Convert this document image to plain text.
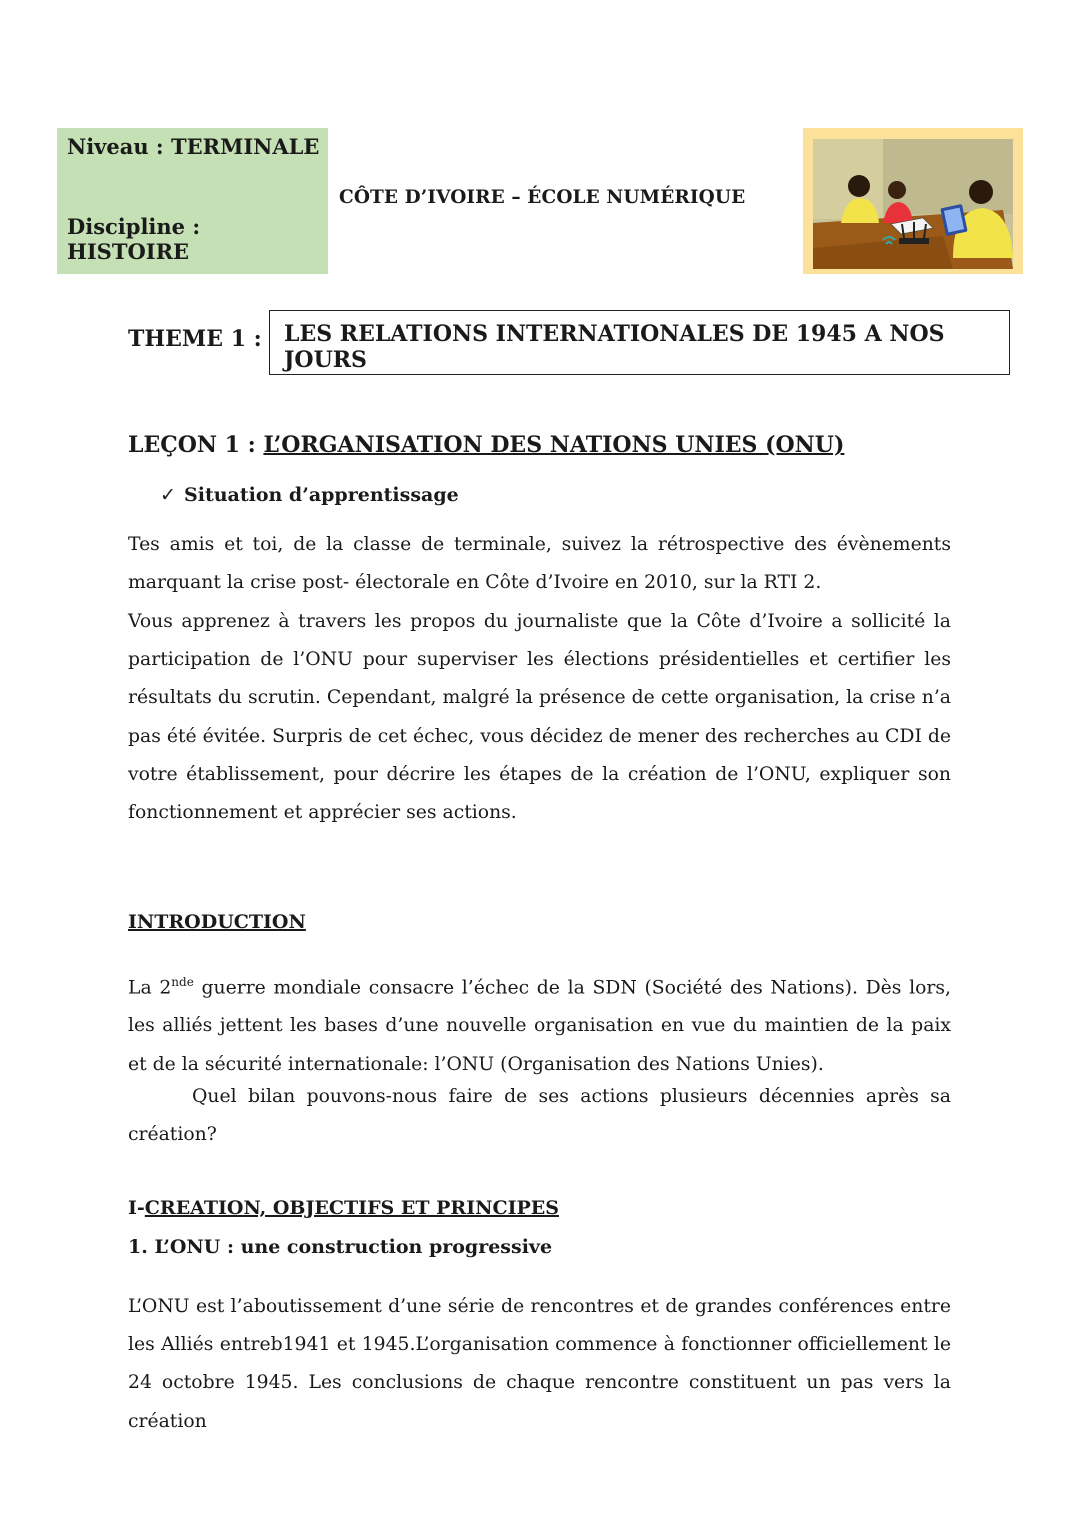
Niveau : TERMINALE
Discipline : HISTOIRE
CÔTE D’IVOIRE – ÉCOLE NUMÉRIQUE
THEME 1 :	LES RELATIONS INTERNATIONALES DE 1945 A NOS JOURS
LEÇON 1 : L’ORGANISATION DES NATIONS UNIES (ONU)
✓ Situation d’apprentissage
Tes amis et toi, de la classe de terminale, suivez la rétrospective des évènements marquant la crise post- électorale en Côte d’Ivoire en 2010, sur la RTI 2.
Vous apprenez à travers les propos du journaliste que la Côte d’Ivoire a sollicité la participation de l’ONU pour superviser les élections présidentielles et certifier les résultats du scrutin. Cependant, malgré la présence de cette organisation, la crise n’a pas été évitée. Surpris de cet échec, vous décidez de mener des recherches au CDI de votre établissement, pour décrire les étapes de la création de l’ONU, expliquer son fonctionnement et apprécier ses actions.
INTRODUCTION
La 2nde guerre mondiale consacre l’échec de la SDN (Société des Nations). Dès lors, les alliés jettent les bases d’une nouvelle organisation en vue du maintien de la paix et de la sécurité internationale: l’ONU (Organisation des Nations Unies).
Quel bilan pouvons-nous faire de ses actions plusieurs décennies après sa création?
I-CREATION, OBJECTIFS ET PRINCIPES
1. L’ONU : une construction progressive
L’ONU est l’aboutissement d’une série de rencontres et de grandes conférences entre les Alliés entreb1941 et 1945.L’organisation commence à fonctionner officiellement le 24 octobre 1945. Les conclusions de chaque rencontre constituent un pas vers la création
